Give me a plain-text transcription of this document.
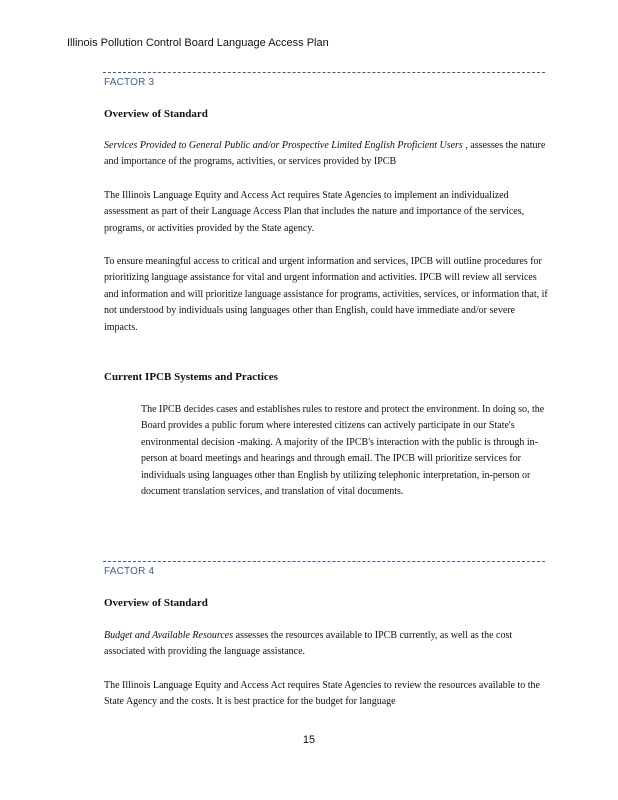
Illinois Pollution Control Board Language Access Plan
FACTOR 3
Overview of Standard

Services Provided to General Public and/or Prospective Limited English Proficient Users , assesses the nature and importance of the programs, activities, or services provided by IPCB

The Illinois Language Equity and Access Act requires State Agencies to implement an individualized assessment as part of their Language Access Plan that includes the nature and importance of the services, programs, or activities provided by the State agency.

To ensure meaningful access to critical and urgent information and services, IPCB will outline procedures for prioritizing language assistance for vital and urgent information and activities. IPCB will review all services and information and will prioritize language assistance for programs, activities, services, or information that, if not understood by individuals using languages other than English, could have immediate and/or severe impacts.

Current IPCB Systems and Practices

The IPCB decides cases and establishes rules to restore and protect the environment. In doing so, the Board provides a public forum where interested citizens can actively participate in our State's environmental decision -making. A majority of the IPCB's interaction with the public is through in-person at board meetings and hearings and through email. The IPCB will prioritize services for individuals using languages other than English by utilizing telephonic interpretation, in-person or document translation services, and translation of vital documents.

FACTOR 4
Overview of Standard

Budget and Available Resources assesses the resources available to IPCB currently, as well as the cost associated with providing the language assistance.

The Illinois Language Equity and Access Act requires State Agencies to review the resources available to the State Agency and the costs. It is best practice for the budget for language

15
